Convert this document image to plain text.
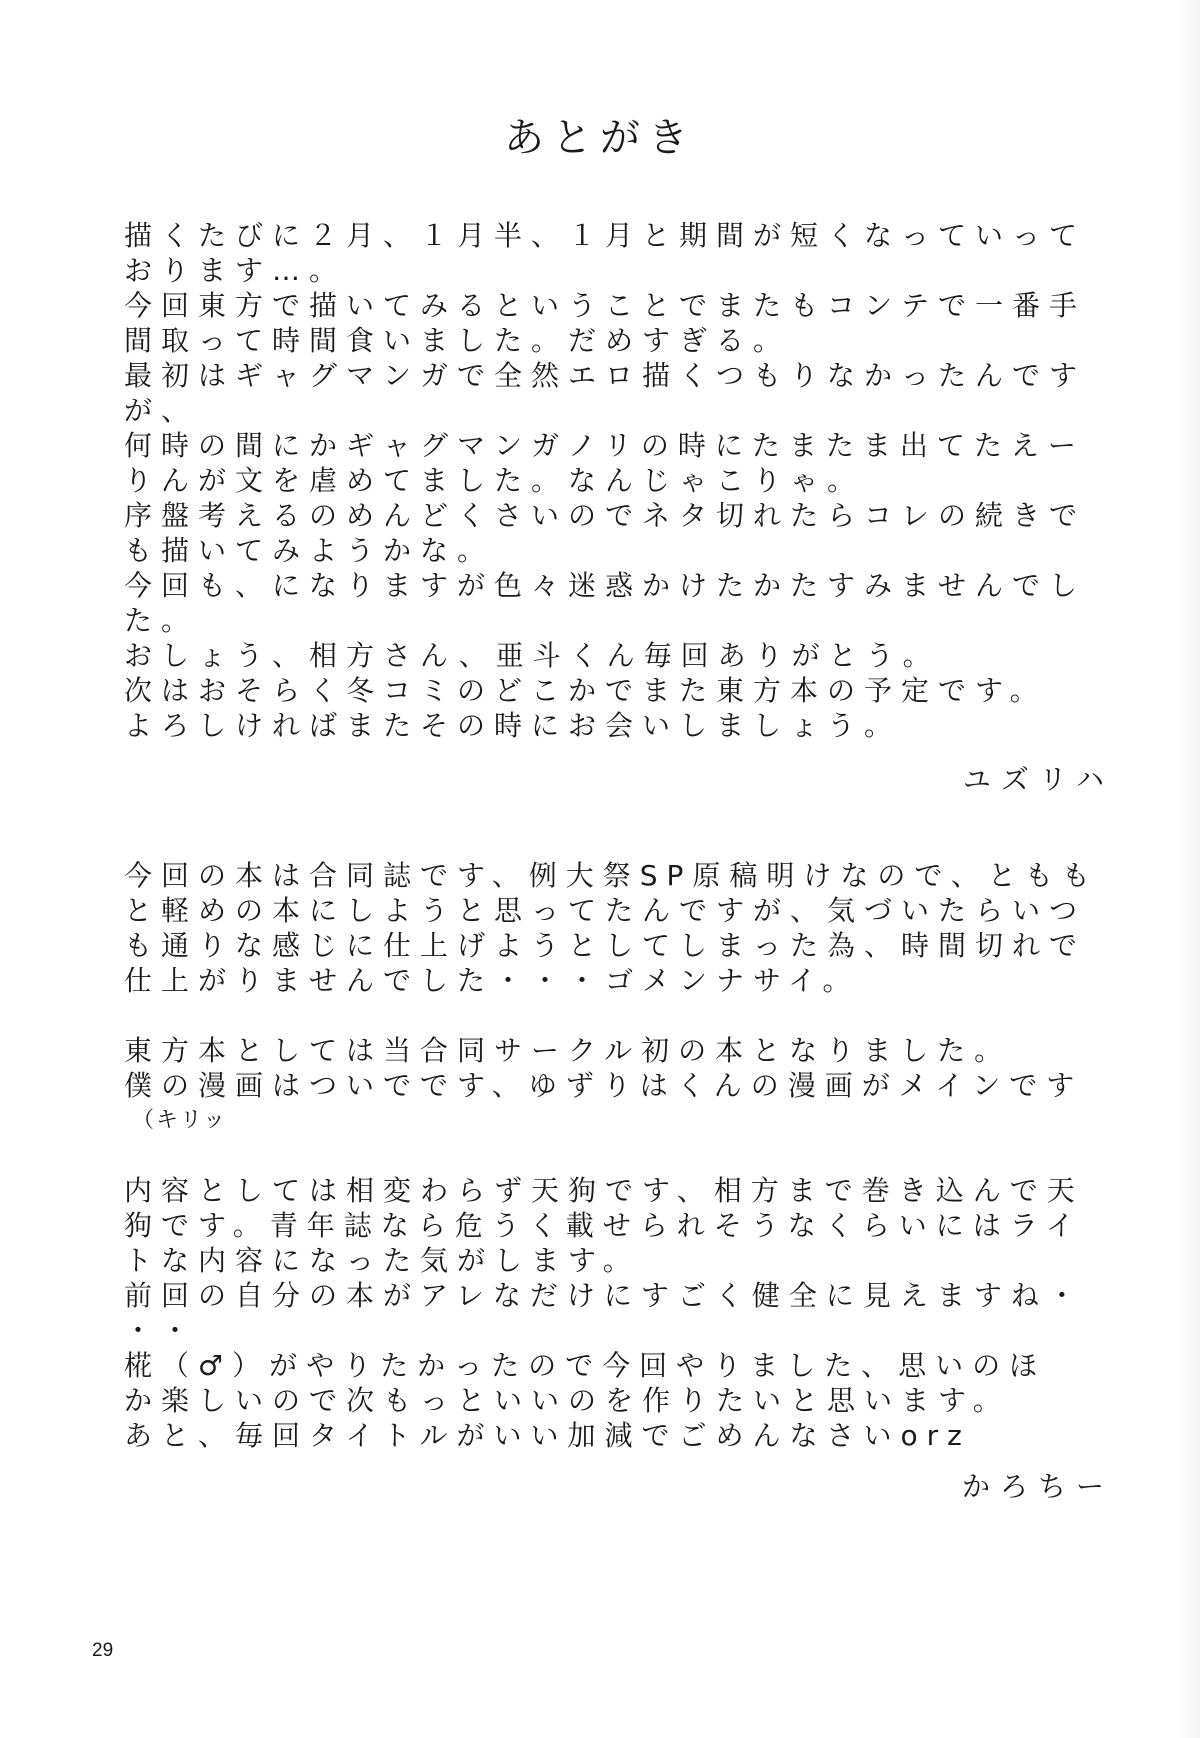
あとがき
描くたびに２月、１月半、１月と期間が短くなっていって
おります…。
今回東方で描いてみるということでまたもコンテで一番手
間取って時間食いました。だめすぎる。
最初はギャグマンガで全然エロ描くつもりなかったんです
が、
何時の間にかギャグマンガノリの時にたまたま出てたえー
りんが文を虐めてました。なんじゃこりゃ。
序盤考えるのめんどくさいのでネタ切れたらコレの続きで
も描いてみようかな。
今回も、になりますが色々迷惑かけたかたすみませんでし
た。
おしょう、相方さん、亜斗くん毎回ありがとう。
次はおそらく冬コミのどこかでまた東方本の予定です。
よろしければまたその時にお会いしましょう。

ユズリハ

今回の本は合同誌です、例大祭SP原稿明けなので、ともも
と軽めの本にしようと思ってたんですが、気づいたらいつ
も通りな感じに仕上げようとしてしまった為、時間切れで
仕上がりませんでした・・・ゴメンナサイ。
東方本としては当合同サークル初の本となりました。
僕の漫画はついでです、ゆずりはくんの漫画がメインです
（キリッ
内容としては相変わらず天狗です、相方まで巻き込んで天
狗です。青年誌なら危うく載せられそうなくらいにはライ
トな内容になった気がします。
前回の自分の本がアレなだけにすごく健全に見えますね・
・・
椛（♂）がやりたかったので今回やりました、思いのほ
か楽しいので次もっといいのを作りたいと思います。
あと、毎回タイトルがいい加減でごめんなさいorz

かろちー

29
